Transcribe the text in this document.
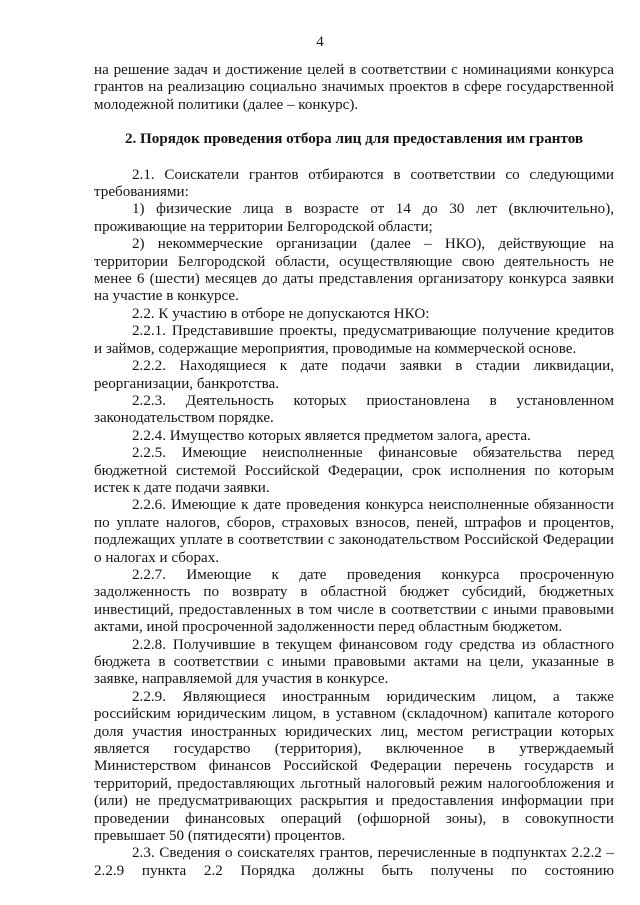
4

на решение задач и достижение целей в соответствии с номинациями конкурса грантов на реализацию социально значимых проектов в сфере государственной молодежной политики (далее – конкурс).

2. Порядок проведения отбора лиц для предоставления им грантов

2.1. Соискатели грантов отбираются в соответствии со следующими требованиями:

1) физические лица в возрасте от 14 до 30 лет (включительно), проживающие на территории Белгородской области;

2) некоммерческие организации (далее – НКО), действующие на территории Белгородской области, осуществляющие свою деятельность не менее 6 (шести) месяцев до даты представления организатору конкурса заявки на участие в конкурсе.

2.2. К участию в отборе не допускаются НКО:

2.2.1. Представившие проекты, предусматривающие получение кредитов и займов, содержащие мероприятия, проводимые на коммерческой основе.

2.2.2. Находящиеся к дате подачи заявки в стадии ликвидации, реорганизации, банкротства.

2.2.3. Деятельность которых приостановлена в установленном законодательством порядке.

2.2.4. Имущество которых является предметом залога, ареста.

2.2.5. Имеющие неисполненные финансовые обязательства перед бюджетной системой Российской Федерации, срок исполнения по которым истек к дате подачи заявки.

2.2.6. Имеющие к дате проведения конкурса неисполненные обязанности по уплате налогов, сборов, страховых взносов, пеней, штрафов и процентов, подлежащих уплате в соответствии с законодательством Российской Федерации о налогах и сборах.

2.2.7. Имеющие к дате проведения конкурса просроченную задолженность по возврату в областной бюджет субсидий, бюджетных инвестиций, предоставленных в том числе в соответствии с иными правовыми актами, иной просроченной задолженности перед областным бюджетом.

2.2.8. Получившие в текущем финансовом году средства из областного бюджета в соответствии с иными правовыми актами на цели, указанные в заявке, направляемой для участия в конкурсе.

2.2.9. Являющиеся иностранным юридическим лицом, а также российским юридическим лицом, в уставном (складочном) капитале которого доля участия иностранных юридических лиц, местом регистрации которых является государство (территория), включенное в утверждаемый Министерством финансов Российской Федерации перечень государств и территорий, предоставляющих льготный налоговый режим налогообложения и (или) не предусматривающих раскрытия и предоставления информации при проведении финансовых операций (офшорной зоны), в совокупности превышает 50 (пятидесяти) процентов.

2.3. Сведения о соискателях грантов, перечисленные в подпунктах 2.2.2 – 2.2.9 пункта 2.2 Порядка должны быть получены по состоянию
